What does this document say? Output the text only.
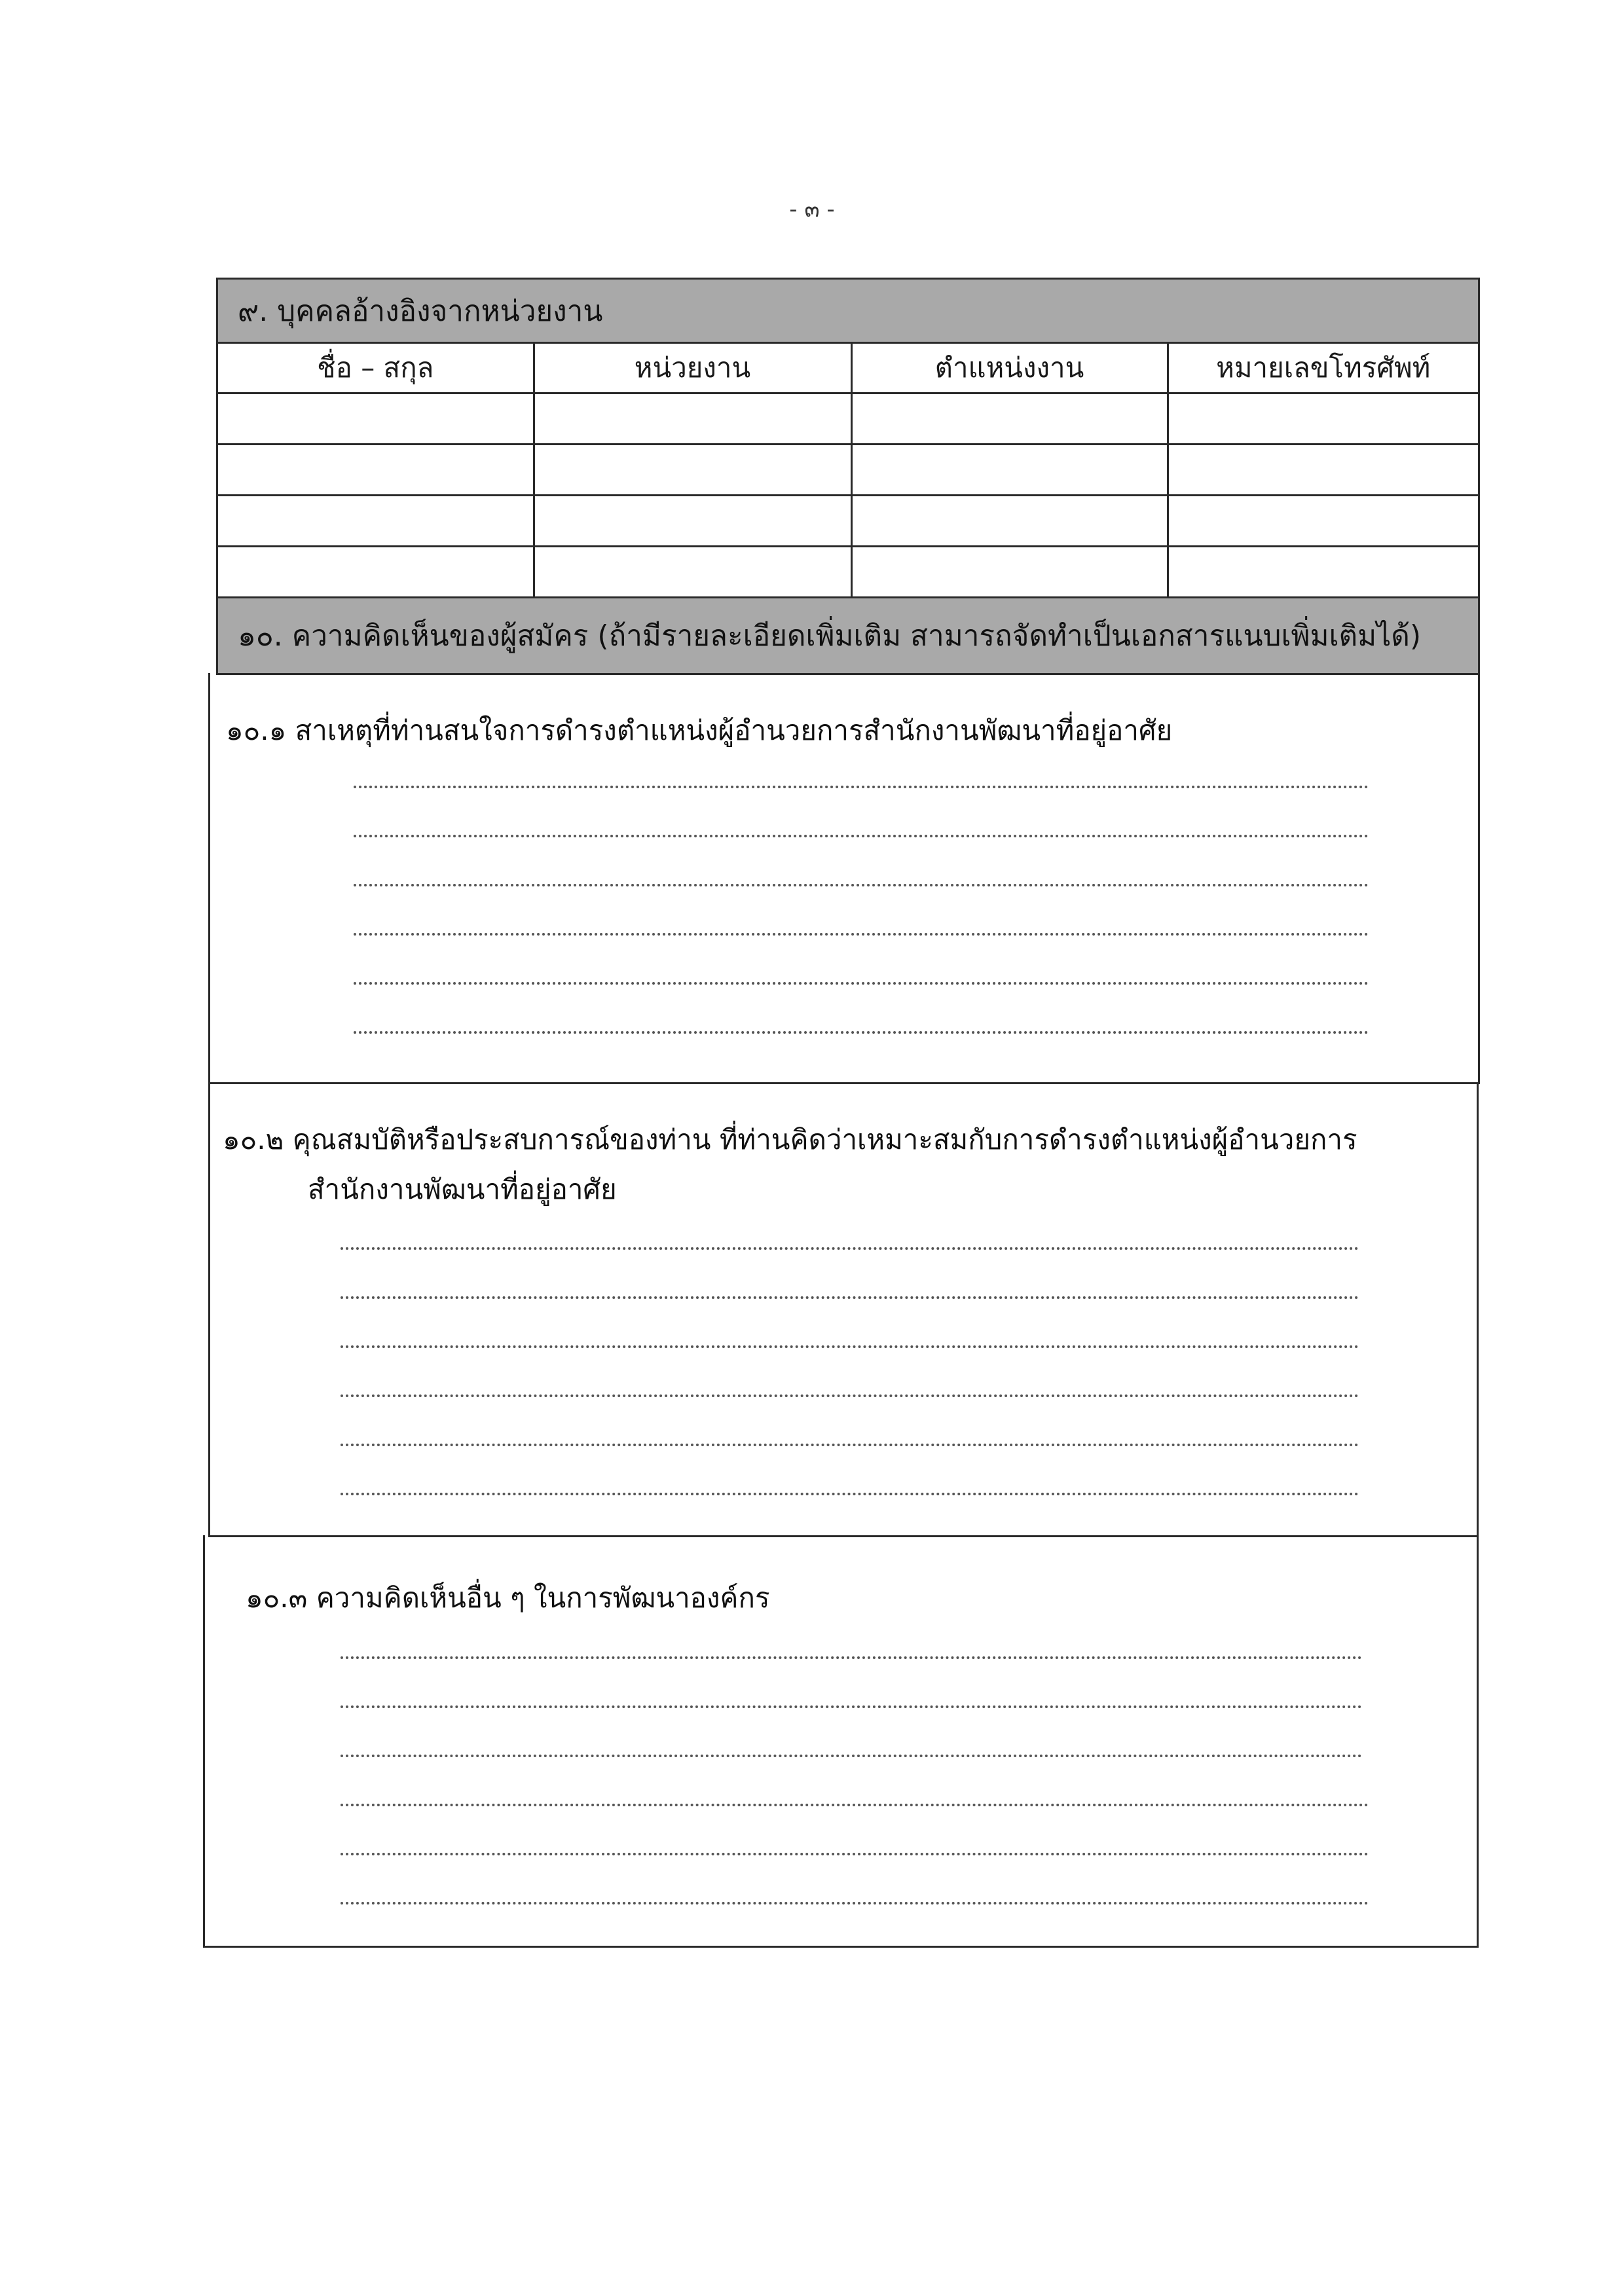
- ๓ -
๙. บุคคลอ้างอิงจากหน่วยงาน
ชื่อ – สกุล	หน่วยงาน	ตำแหน่งงาน	หมายเลขโทรศัพท์

๑๐. ความคิดเห็นของผู้สมัคร (ถ้ามีรายละเอียดเพิ่มเติม สามารถจัดทำเป็นเอกสารแนบเพิ่มเติมได้)
๑๐.๑ สาเหตุที่ท่านสนใจการดำรงตำแหน่งผู้อำนวยการสำนักงานพัฒนาที่อยู่อาศัย
๑๐.๒ คุณสมบัติหรือประสบการณ์ของท่าน ที่ท่านคิดว่าเหมาะสมกับการดำรงตำแหน่งผู้อำนวยการ
สำนักงานพัฒนาที่อยู่อาศัย
๑๐.๓ ความคิดเห็นอื่น ๆ ในการพัฒนาองค์กร
